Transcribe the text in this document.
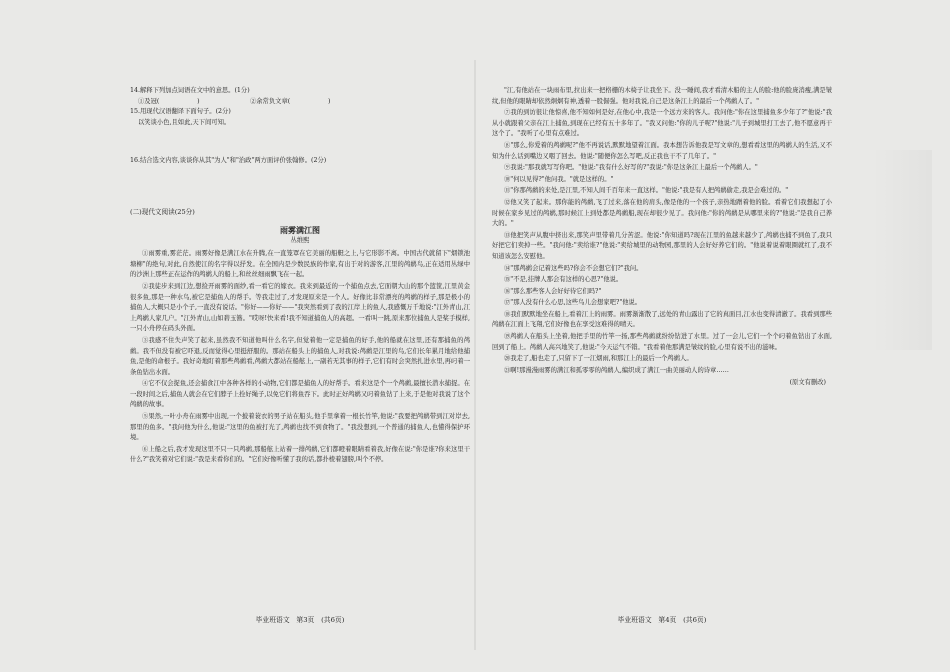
14.解释下列加点词语在文中的意思。(1分)

①及冠(　　　　　　)　　　　　　　　②余常负文章(　　　　　　)

15.用现代汉语翻译下面句子。(2分)

以笑谈小色,且如此,天下间可知。

16.结合选文内容,谈谈你从其"为人"和"治政"两方面评价张翰修。(2分)

(二)现代文阅读(25分)

雨雾满江图

丛维熙

①雨雾重,雾茫茫。雨雾好像是满江水在升腾,在一直笼罩在它美丽的船艇之上,与它形影不离。中国古代就留下"烟锁池塘柳"的绝句,对此,自然使江的名字得以抒发。在全国内是少数民族的作家,有出于对的游客,江里的鸬鹚鸟,正在适用丛绿中的沙洲上那些正在运作的鸬鹚人的船上,和丝丝细雨飘飞在一起。

②我徒步来到江边,想捡开雨雾的面纱,看一看它的嫁衣。我来到最近的一个捕鱼点去,它面朝大山的那个篮筐,江里黄金很多鱼,那是一种水鸟,被它是捕鱼人的帮手。等我走过了,才发现原来是一个人。好像比非常漂亮的鸬鹚的样子,那是极小的捕鱼人,大概只是小个子,一直没有说话。"你好——你好——"我突然看到了我的江岸上的鱼人,我感慨万千地说:"江外青山,江上鸬鹚人家几户。"江外青山,山如碧玉簪。"哎呀!快来看!我不知道捕鱼人的高超。一看叫一跳,原来那位捕鱼人是桨手模样,一只小舟停在码头外面。

③我感不住失声笑了起来,虽然我不知道他叫什么名字,但觉着他一定是捕鱼的好手,他的船就在这里,还有那捕鱼的鸬鹚。我不但没有被它吓退,反而觉得心里挺舒服的。那站在船头上的捕鱼人,对我说:鸬鹚是江里的鸟,它们长年累月地给他捕鱼,是他的命根子。我好奇地盯着那些鸬鹚看,鸬鹚大都站在船舷上,一副若无其事的样子,它们有时会突然扎进水里,再叼着一条鱼钻出水面。

④它不仅会捉鱼,还会捕食江中各种各样的小动物,它们都是捕鱼人的好帮手。看来这是个一个鸬鹚,最擅长潜水捕捉。在一段时间之后,捕鱼人就会在它们脖子上拴好绳子,以免它们将鱼吞下。此时正好鸬鹚又叼着鱼钻了上来,于是他对我说了这个鸬鹚的故事。

⑤果然,一叶小舟在雨雾中出现,一个披着蓑衣的男子站在船头,他手里拿着一根长竹竿,他说:"我要把鸬鹚带到江对岸去,那里的鱼多。"我问他为什么,他说:"这里的鱼被打光了,鸬鹚也找不到食物了。"我没想到,一个普通的捕鱼人,也懂得保护环境。

⑥上船之后,我才发现这里不只一只鸬鹚,那船舷上站着一排鸬鹚,它们都瞪着眼睛看着我,好像在说:"你是谁?你来这里干什么?"我笑着对它们说:"我是来看你们的。"它们好像听懂了我的话,都扑棱着翅膀,叫个不停。

"江,有他站在一块雨布里,拉出来一把格栅的木椅子让我坐下。没一睡间,我才看清木船的主人的脸:他的脸庞消瘦,满是皱纹,但他的眼睛却依然炯炯有神,透着一股倔强。他对我说,自己是这条江上的最后一个鸬鹚人了。"

⑦我的到访很让他惊喜,他不知如何是好,在他心中,我是一个远方来的客人。我问他:"你在这里捕鱼多少年了?"他说:"我从小就跟着父亲在江上捕鱼,到现在已经有五十多年了。"我又问他:"你的儿子呢?"他说:"儿子到城里打工去了,他不愿意再干这个了。"我听了心里有点难过。

⑧"那么,你爱着的鸬鹚呢?"他不再说话,默默地望着江面。我本想告诉他我是写文章的,想看看这里的鸬鹚人的生活,又不知为什么话到嘴边又咽了回去。他说:"随便你怎么写吧,反正我也干不了几年了。"

⑨我说:"那我就写写你吧。"他说:"我有什么好写的?"我说:"你是这条江上最后一个鸬鹚人。"

⑩"何以见得?"他问我。"就是这样的。"

⑪"你那鸬鹚的来处,是江里,不知人间千百年来一直这样。"他说:"我是有人把鸬鹚偷走,我是会难过的。"

⑫他又笑了起来。那你能的鸬鹚,飞了过来,落在他的肩头,像是他的一个孩子,亲热地蹭着他的脸。看着它们我想起了小时候在家乡见过的鸬鹚,那时候江上到处都是鸬鹚船,现在却很少见了。我问他:"你的鸬鹚是从哪里来的?"他说:"是我自己养大的。"

⑬他把笑声从腹中挤出来,那笑声里带着几分苦涩。他说:"你知道吗?现在江里的鱼越来越少了,鸬鹚也捕不到鱼了,我只好把它们卖掉一些。"我问他:"卖给谁?"他说:"卖给城里的动物园,那里的人会好好养它们的。"他说着说着眼圈就红了,我不知道该怎么安慰他。

⑭"那鸬鹚会记着这些吗?你会不会想它们?"我问。

⑮"不是,挂牌人那会有这样的心思?"他说。

⑯"那么那些客人会好好待它们吗?"

⑰"那人没有什么心思,这些鸟儿会想家吧?"他说。

⑱我们默默地坐在船上,看着江上的雨雾。雨雾渐渐散了,远处的青山露出了它的真面目,江水也变得清澈了。我看到那些鸬鹚在江面上飞翔,它们好像也在享受这难得的晴天。

⑲鸬鹚人在船头上坐着,他把手里的竹竿一扬,那些鸬鹚就纷纷钻进了水里。过了一会儿,它们一个个叼着鱼钻出了水面,回到了船上。鸬鹚人高兴地笑了,他说:"今天运气不错。"我看着他那满是皱纹的脸,心里有说不出的滋味。

⑳我走了,船也走了,只留下了一江烟雨,和那江上的最后一个鸬鹚人。

㉑啊!那漫漫雨雾的满江和孤零零的鸬鹚人,编织成了满江一曲美丽动人的诗章……

(原文有删改)

毕业班语文　第3页　(共6页)	毕业班语文　第4页　(共6页)
